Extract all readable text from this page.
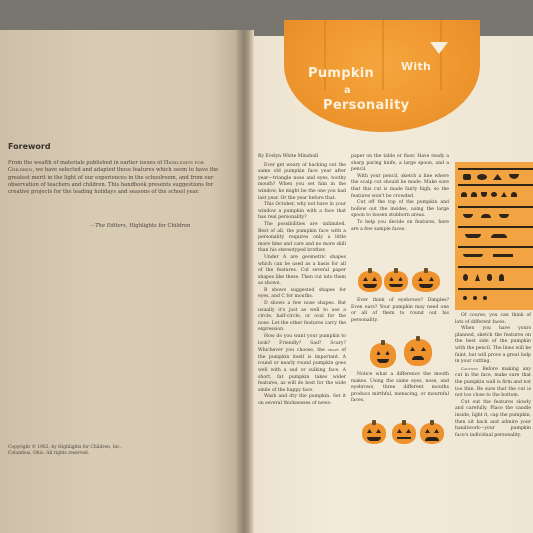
Foreword
From the wealth of materials published in earlier issues of Highlights for Children, we have selected and adapted those features which seem to have the greatest merit in the light of our experiences in the schoolroom, and from our observation of teachers and children. This handbook presents suggestions for creative projects for the leading holidays and seasons of the school year.
—The Editors, Highlights for Children
Copyright © 1962, by Highlights for Children, Inc.
Columbus, Ohio. All rights reserved.
Pumpkin With
a
Personality

By Evelyn White Minshull

Ever get weary of hacking out the same old pumpkin face year after year—triangle nose and eyes, toothy mouth? When you set him in the window, he might be the one you had last year. Or the year before that.

This October, why not have in your window a pumpkin with a face that has real personality?

The possibilities are unlimited. Best of all, the pumpkin face with a personality requires only a little more time and care and no more skill than his stereotyped brother.

Under A are geometric shapes which can be used as a basis for all of the features. Cut several paper shapes like these. Then cut into them as shown.

B shows suggested shapes for eyes, and C for mouths.

D shows a few nose shapes. But usually it's just as well to use a circle, half-circle, or oval for the nose. Let the other features carry the expression.

How do you want your pumpkin to look? Friendly? Sad? Scary? Whichever you choose, the shape of the pumpkin itself is important. A round or nearly round pumpkin goes well with a sad or sulking face. A short, fat pumpkin takes wider features, as will do best for the wide smile of the happy face.

Wash and dry the pumpkin. Set it on several thicknesses of news-

paper on the table or floor. Have ready a sharp paring knife, a large spoon, and a pencil.

With your pencil, sketch a line where the scalp cut should be made. Make sure that this cut is made fairly high, so the features won't be crowded.

Cut off the top of the pumpkin and hollow out the insides, using the large spoon to loosen stubborn areas.

To help you decide on features, here are a few sample faces.

Ever think of eyebrows? Dimples? Even ears? Your pumpkin may need one or all of them to round out his personality.

Notice what a difference the mouth makes. Using the same eyes, nose, and eyebrows, three different mouths produce mirthful, menacing, or mournful faces.

Of course, you can think of lots of different faces.

When you have yours planned, sketch the features on the best side of the pumpkin with the pencil. The lines will be faint, but will prove a great help in your cutting.

Caution: Before making any cut in the face, make sure that the pumpkin wall is firm and not too thin. Be sure that the cut is not too close to the bottom.

Cut out the features slowly and carefully. Place the candle inside, light it, cap the pumpkin, then sit back and admire your handiwork—your pumpkin face's individual personality.
